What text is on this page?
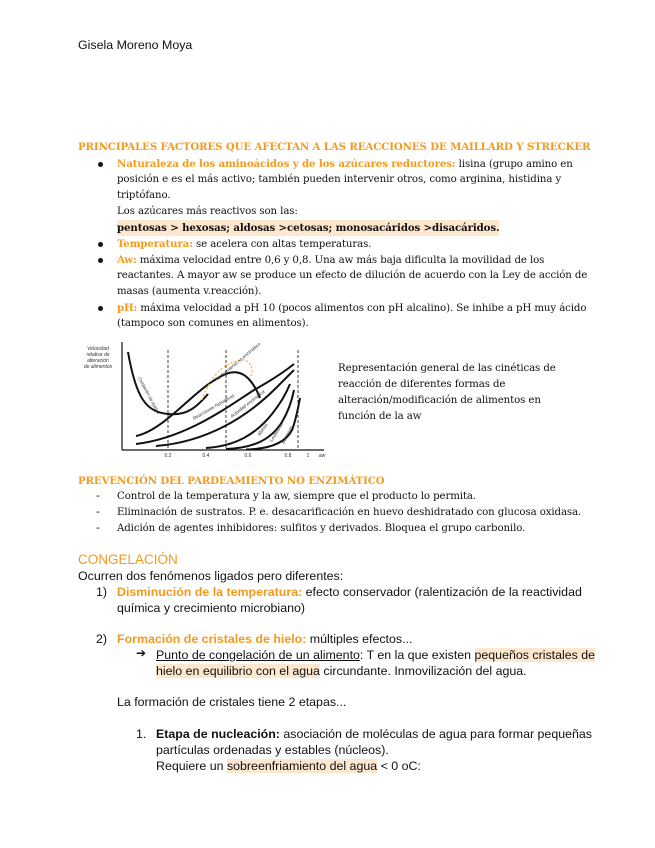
Gisela Moreno Moya
PRINCIPALES FACTORES QUE AFECTAN A LAS REACCIONES DE MAILLARD Y STRECKER
Naturaleza de los aminoácidos y de los azúcares reductores: lisina (grupo amino en
posición e es el más activo; también pueden intervenir otros, como arginina, histidina y
triptófano.
Los azúcares más reactivos son las:
pentosas > hexosas; aldosas >cetosas; monosacáridos >disacáridos.
Temperatura: se acelera con altas temperaturas.
Aw: máxima velocidad entre 0,6 y 0,8. Una aw más baja dificulta la movilidad de los
reactantes. A mayor aw se produce un efecto de dilución de acuerdo con la Ley de acción de
masas (aumenta v.reacción).
pH: máxima velocidad a pH 10 (pocos alimentos con pH alcalino). Se inhibe a pH muy ácido
(tampoco son comunes en alimentos).
Velocidad
relativa de
alteración
de alimentos
Oxidación de lípidos
Pardeamiento no enzimático
Reacciones hidrolíticas
Actividad enzimática
Mohos Levaduras
Bacterias
0.2	0.4	0.6	0.8	1 aw
Representación general de las cinéticas de
reacción de diferentes formas de
alteración/modificación de alimentos en
función de la aw
PREVENCIÓN DEL PARDEAMIENTO NO ENZIMÁTICO
- Control de la temperatura y la aw, siempre que el producto lo permita.
- Eliminación de sustratos. P. e. desacarificación en huevo deshidratado con glucosa oxidasa.
- Adición de agentes inhibidores: sulfitos y derivados. Bloquea el grupo carbonilo.
CONGELACIÓN
Ocurren dos fenómenos ligados pero diferentes:
1) Disminución de la temperatura: efecto conservador (ralentización de la reactividad
química y crecimiento microbiano)
2) Formación de cristales de hielo: múltiples efectos...
➔ Punto de congelación de un alimento: T en la que existen pequeños cristales de
hielo en equilibrio con el agua circundante. Inmovilización del agua.
La formación de cristales tiene 2 etapas...
1. Etapa de nucleación: asociación de moléculas de agua para formar pequeñas
partículas ordenadas y estables (núcleos).
Requiere un sobreenfriamiento del agua < 0 oC:
